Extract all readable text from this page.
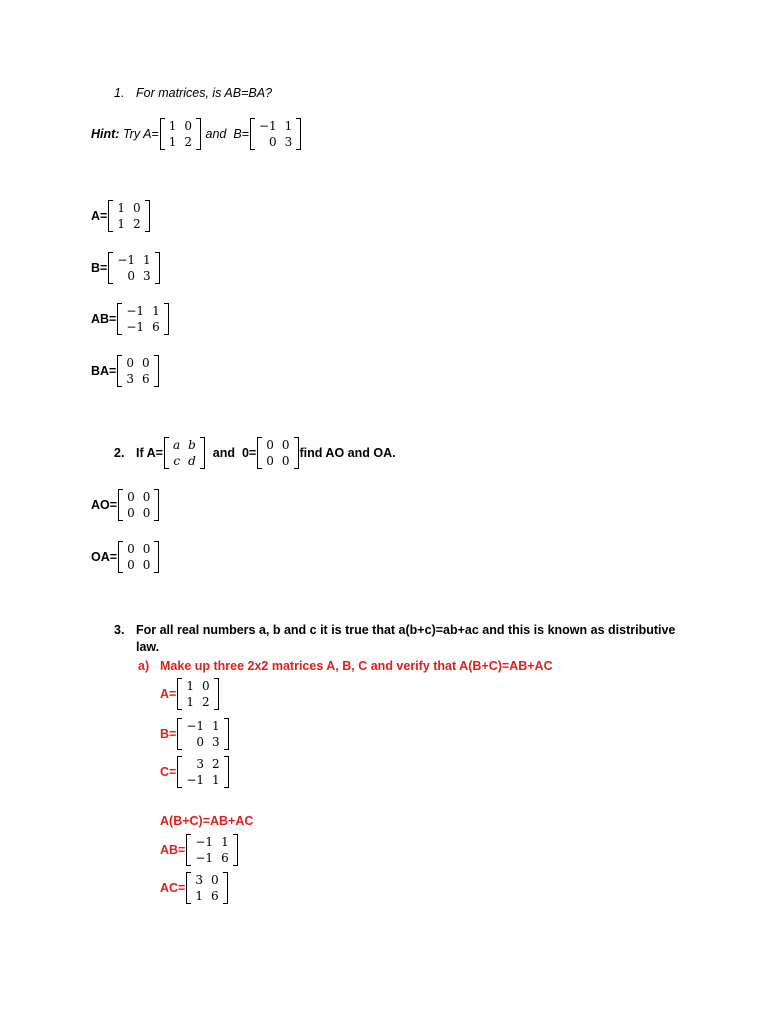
1. For matrices, is AB=BA?
Hint:
Try A=
1	0
1	2

and
B=
−1	1
0	3
A=
1	0
1	2
B=
−1	1
0	3
AB=
−1	1
−1	6
BA=
0	0
3	6
2. If A=
a	b
c	d

and
0=
0	0
0	0
find AO and OA.
AO=
0	0
0	0
OA=
0	0
0	0
3. For all real numbers a, b and c it is true that a(b+c)=ab+ac and this is known as distributive
law.
a) Make up three 2x2 matrices A, B, C and verify that A(B+C)=AB+AC
A=
1	0
1	2
B=
−1	1
0	3
C=
3	2
−1	1
A(B+C)=AB+AC
AB=
−1	1
−1	6
AC=
3	0
1	6
